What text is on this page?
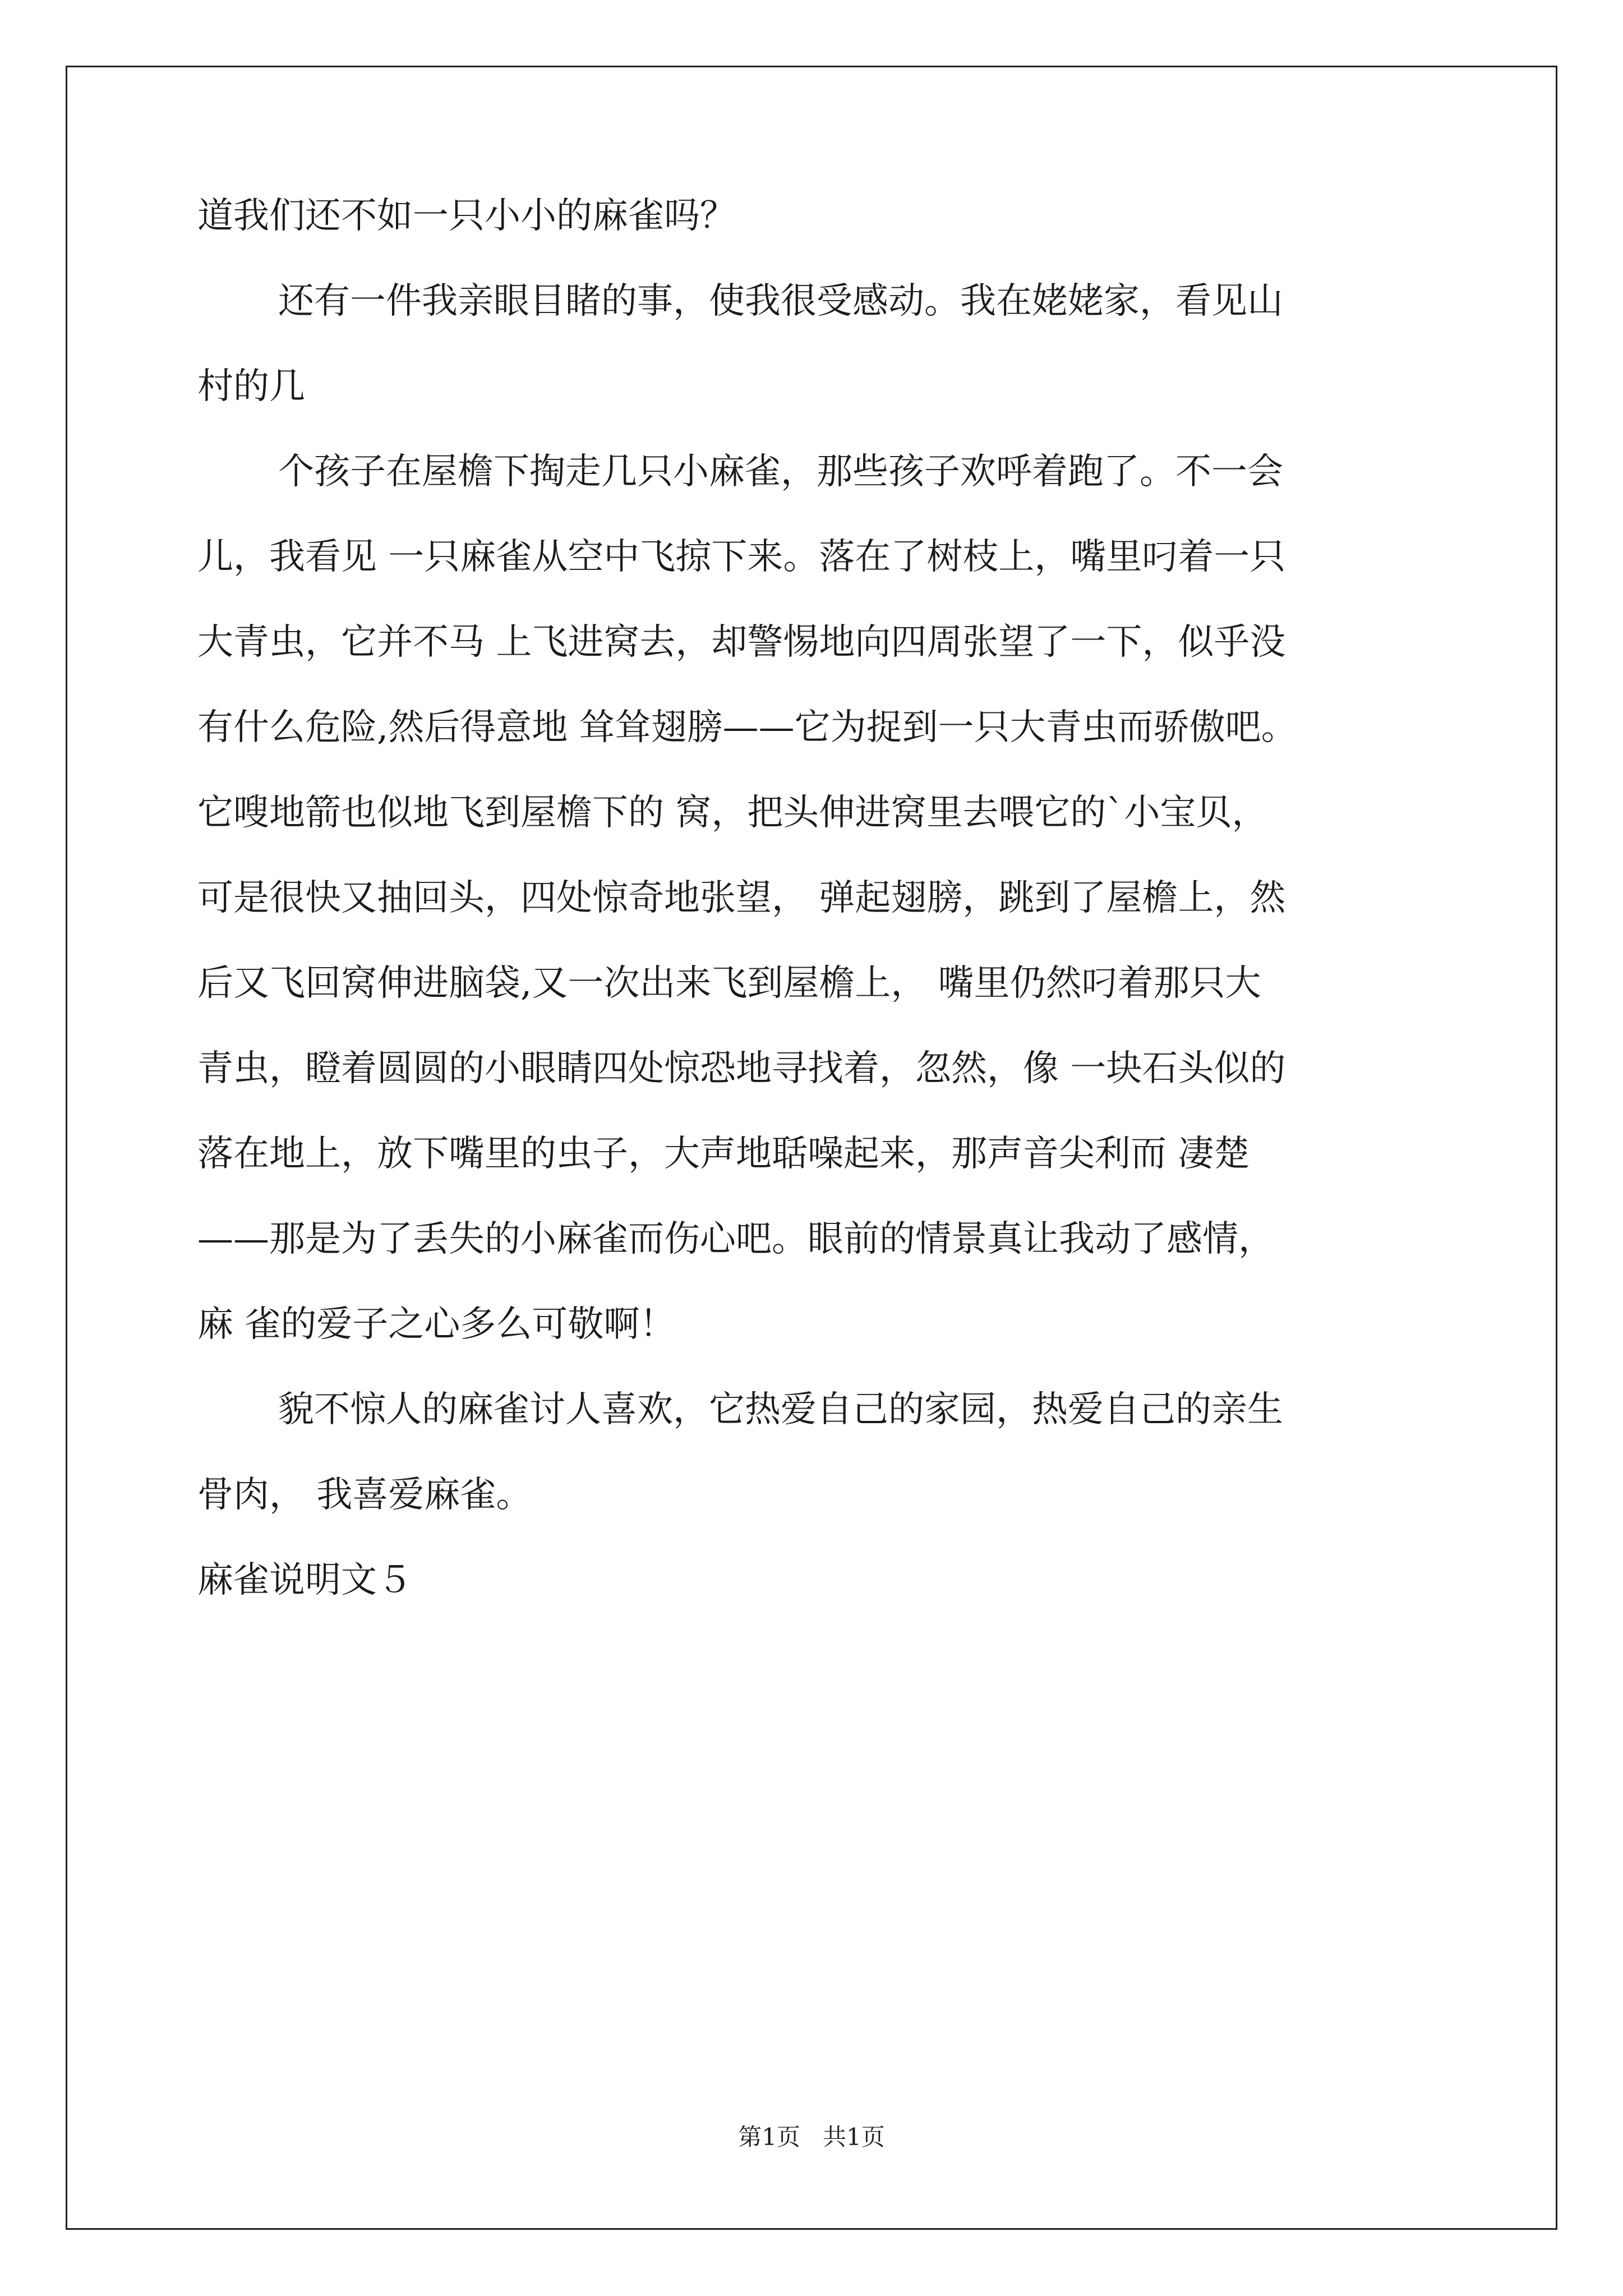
道我们还不如一只小小的麻雀吗？
还有一件我亲眼目睹的事，使我很受感动。我在姥姥家，看见山
村的几
个孩子在屋檐下掏走几只小麻雀，那些孩子欢呼着跑了。不一会
儿，我看见 一只麻雀从空中飞掠下来。落在了树枝上，嘴里叼着一只
大青虫，它并不马 上飞进窝去，却警惕地向四周张望了一下，似乎没
有什么危险,然后得意地 耸耸翅膀——它为捉到一只大青虫而骄傲吧。
它嗖地箭也似地飞到屋檐下的 窝，把头伸进窝里去喂它的`小宝贝，
可是很快又抽回头，四处惊奇地张望， 弹起翅膀，跳到了屋檐上，然
后又飞回窝伸进脑袋,又一次出来飞到屋檐上， 嘴里仍然叼着那只大
青虫，瞪着圆圆的小眼睛四处惊恐地寻找着，忽然，像 一块石头似的
落在地上，放下嘴里的虫子，大声地聒噪起来，那声音尖利而 凄楚
——那是为了丢失的小麻雀而伤心吧。眼前的情景真让我动了感情，
麻 雀的爱子之心多么可敬啊！
貌不惊人的麻雀讨人喜欢，它热爱自己的家园，热爱自己的亲生
骨肉， 我喜爱麻雀。
麻雀说明文５
第1页   共1页
